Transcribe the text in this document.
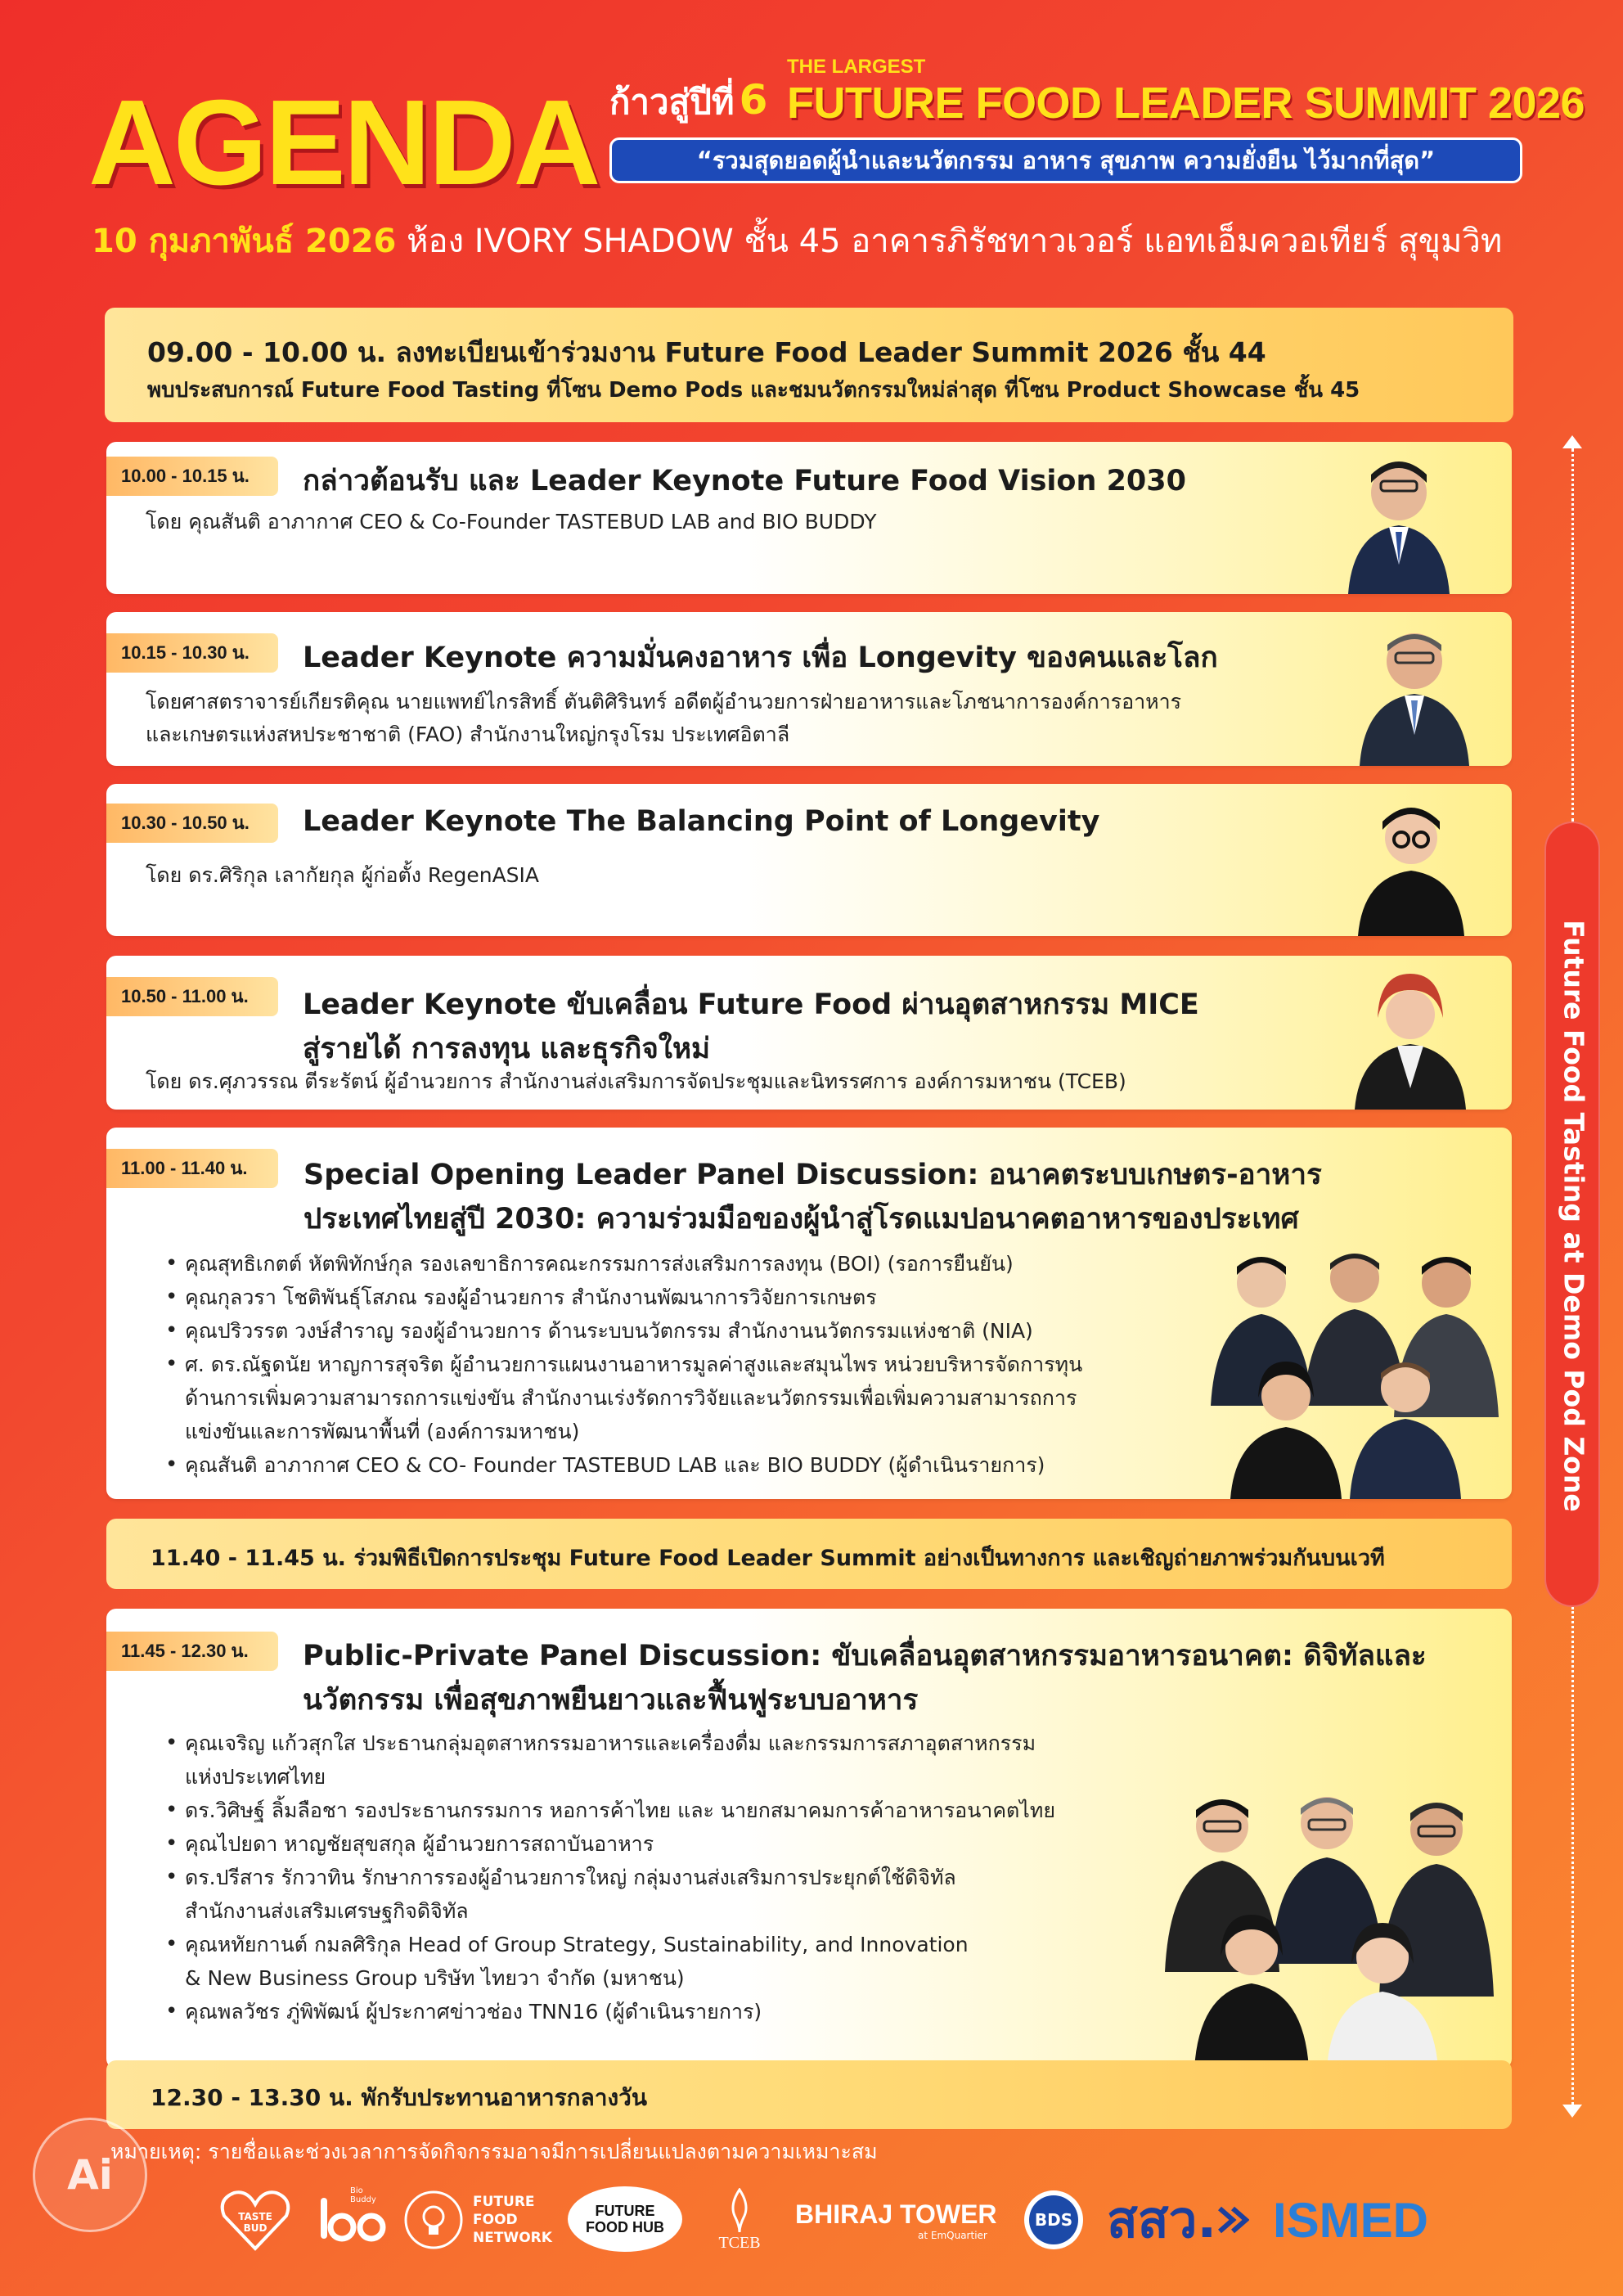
AGENDA ก้าวสู่ปีที่ 6
THE LARGEST
FUTURE FOOD LEADER SUMMIT 2026
“รวมสุดยอดผู้นำและนวัตกรรม อาหาร สุขภาพ ความยั่งยืน ไว้มากที่สุด”
10 กุมภาพันธ์ 2026 ห้อง IVORY SHADOW ชั้น 45 อาคารภิรัชทาวเวอร์ แอทเอ็มควอเทียร์ สุขุมวิท
09.00 - 10.00 น. ลงทะเบียนเข้าร่วมงาน Future Food Leader Summit 2026 ชั้น 44
พบประสบการณ์ Future Food Tasting ที่โซน Demo Pods และชมนวัตกรรมใหม่ล่าสุด ที่โซน Product Showcase ชั้น 45
10.00 - 10.15 น.	กล่าวต้อนรับ และ Leader Keynote Future Food Vision 2030
โดย คุณสันติ อาภากาศ CEO & Co-Founder TASTEBUD LAB and BIO BUDDY
10.15 - 10.30 น.	Leader Keynote ความมั่นคงอาหาร เพื่อ Longevity ของคนและโลก
โดยศาสตราจารย์เกียรติคุณ นายแพทย์ไกรสิทธิ์ ตันติศิรินทร์ อดีตผู้อำนวยการฝ่ายอาหารและโภชนาการองค์การอาหาร
และเกษตรแห่งสหประชาชาติ (FAO) สำนักงานใหญ่กรุงโรม ประเทศอิตาลี
10.30 - 10.50 น.	Leader Keynote The Balancing Point of Longevity
โดย ดร.ศิริกุล เลากัยกุล ผู้ก่อตั้ง RegenASIA
10.50 - 11.00 น.	Leader Keynote ขับเคลื่อน Future Food ผ่านอุตสาหกรรม MICE
สู่รายได้ การลงทุน และธุรกิจใหม่
โดย ดร.ศุภวรรณ ตีระรัตน์ ผู้อำนวยการ สำนักงานส่งเสริมการจัดประชุมและนิทรรศการ องค์การมหาชน (TCEB)
11.00 - 11.40 น.	Special Opening Leader Panel Discussion: อนาคตระบบเกษตร-อาหาร
ประเทศไทยสู่ปี 2030: ความร่วมมือของผู้นำสู่โรดแมปอนาคตอาหารของประเทศ
• คุณสุทธิเกตต์ หัตพิทักษ์กุล รองเลขาธิการคณะกรรมการส่งเสริมการลงทุน (BOI) (รอการยืนยัน)
• คุณกุลวรา โชติพันธุ์โสภณ รองผู้อำนวยการ สำนักงานพัฒนาการวิจัยการเกษตร
• คุณปริวรรต วงษ์สำราญ รองผู้อำนวยการ ด้านระบบนวัตกรรม สำนักงานนวัตกรรมแห่งชาติ (NIA)
• ศ. ดร.ณัฐดนัย หาญการสุจริต ผู้อำนวยการแผนงานอาหารมูลค่าสูงและสมุนไพร หน่วยบริหารจัดการทุน
ด้านการเพิ่มความสามารถการแข่งขัน สำนักงานเร่งรัดการวิจัยและนวัตกรรมเพื่อเพิ่มความสามารถการ
แข่งขันและการพัฒนาพื้นที่ (องค์การมหาชน)
• คุณสันติ อาภากาศ CEO & CO- Founder TASTEBUD LAB และ BIO BUDDY (ผู้ดำเนินรายการ)
11.40 - 11.45 น. ร่วมพิธีเปิดการประชุม Future Food Leader Summit อย่างเป็นทางการ และเชิญถ่ายภาพร่วมกันบนเวที
11.45 - 12.30 น.	Public-Private Panel Discussion: ขับเคลื่อนอุตสาหกรรมอาหารอนาคต: ดิจิทัลและ
นวัตกรรม เพื่อสุขภาพยืนยาวและฟื้นฟูระบบอาหาร
• คุณเจริญ แก้วสุกใส ประธานกลุ่มอุตสาหกรรมอาหารและเครื่องดื่ม และกรรมการสภาอุตสาหกรรม
แห่งประเทศไทย
• ดร.วิศิษฐ์ ลิ้มลือชา รองประธานกรรมการ หอการค้าไทย และ นายกสมาคมการค้าอาหารอนาคตไทย
• คุณไปยดา หาญชัยสุขสกุล ผู้อำนวยการสถาบันอาหาร
• ดร.ปรีสาร รักวาทิน รักษาการรองผู้อำนวยการใหญ่ กลุ่มงานส่งเสริมการประยุกต์ใช้ดิจิทัล
สำนักงานส่งเสริมเศรษฐกิจดิจิทัล
• คุณหทัยกานต์ กมลศิริกุล Head of Group Strategy, Sustainability, and Innovation
& New Business Group บริษัท ไทยวา จำกัด (มหาชน)
• คุณพลวัชร ภู่พิพัฒน์ ผู้ประกาศข่าวช่อง TNN16 (ผู้ดำเนินรายการ)
12.30 - 13.30 น. พักรับประทานอาหารกลางวัน
Future Food Tasting at Demo Pod Zone
หมายเหตุ: รายชื่อและช่วงเวลาการจัดกิจกรรมอาจมีการเปลี่ยนแปลงตามความเหมาะสม
Ai
TASTE BUD
Bio Buddy	FUTURE
FOOD
NETWORK
FUTURE
FOOD HUB
TCEB
BHIRAJ TOWER
at EmQuartier
BDS สสว. ISMED
